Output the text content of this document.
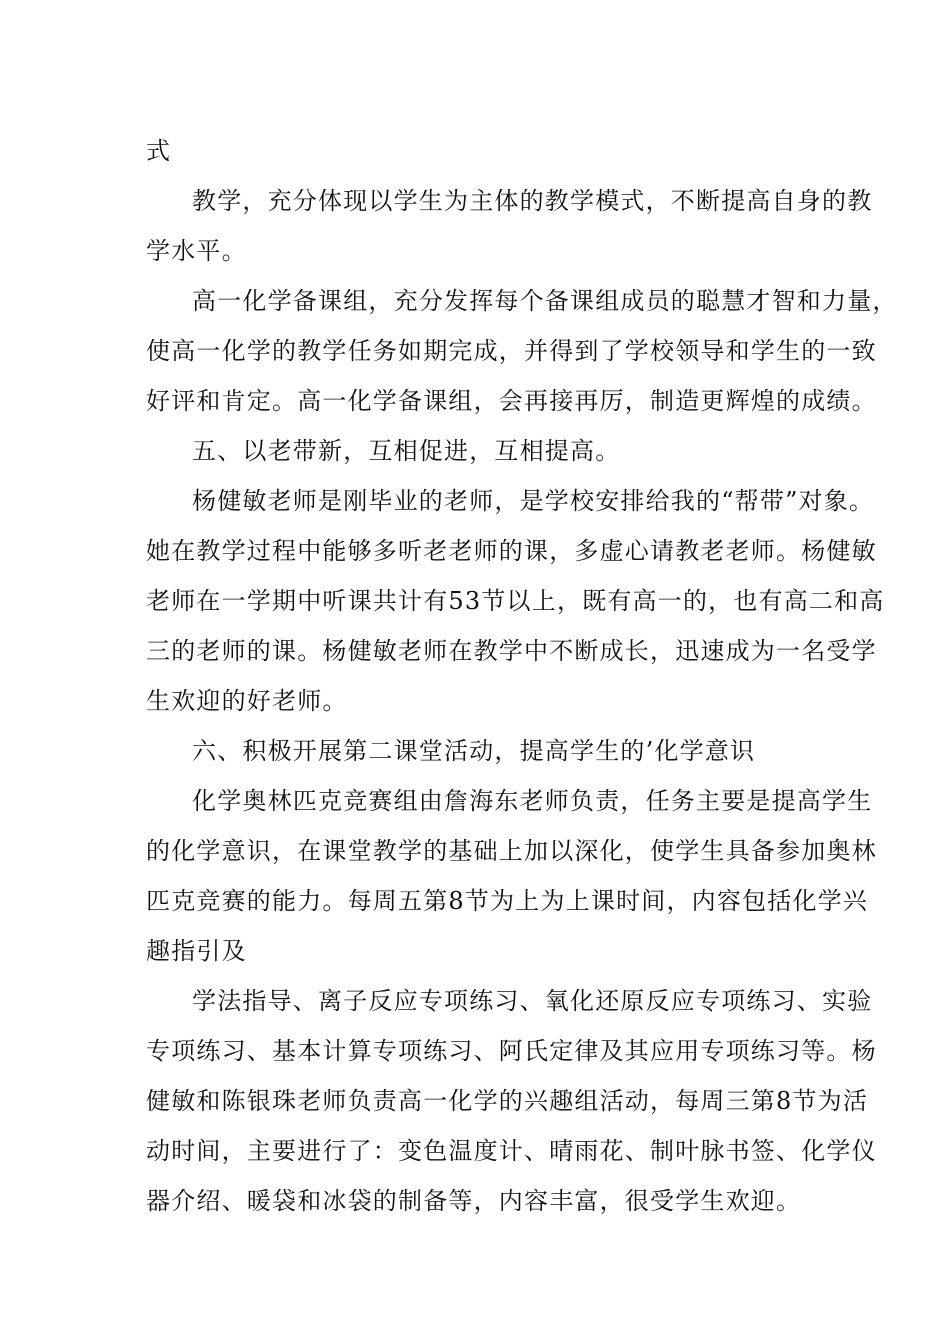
式
教学，充分体现以学生为主体的教学模式，不断提高自身的教
学水平。
高一化学备课组，充分发挥每个备课组成员的聪慧才智和力量，
使高一化学的教学任务如期完成，并得到了学校领导和学生的一致
好评和肯定。高一化学备课组，会再接再厉，制造更辉煌的成绩。
五、以老带新，互相促进，互相提高。
杨健敏老师是刚毕业的老师，是学校安排给我的“帮带”对象。
她在教学过程中能够多听老老师的课，多虚心请教老老师。杨健敏
老师在一学期中听课共计有53节以上，既有高一的，也有高二和高
三的老师的课。杨健敏老师在教学中不断成长，迅速成为一名受学
生欢迎的好老师。
六、积极开展第二课堂活动，提高学生的’化学意识
化学奥林匹克竞赛组由詹海东老师负责，任务主要是提高学生
的化学意识，在课堂教学的基础上加以深化，使学生具备参加奥林
匹克竞赛的能力。每周五第8节为上为上课时间，内容包括化学兴
趣指引及
学法指导、离子反应专项练习、氧化还原反应专项练习、实验
专项练习、基本计算专项练习、阿氏定律及其应用专项练习等。杨
健敏和陈银珠老师负责高一化学的兴趣组活动，每周三第8节为活
动时间，主要进行了：变色温度计、晴雨花、制叶脉书签、化学仪
器介绍、暖袋和冰袋的制备等，内容丰富，很受学生欢迎。
